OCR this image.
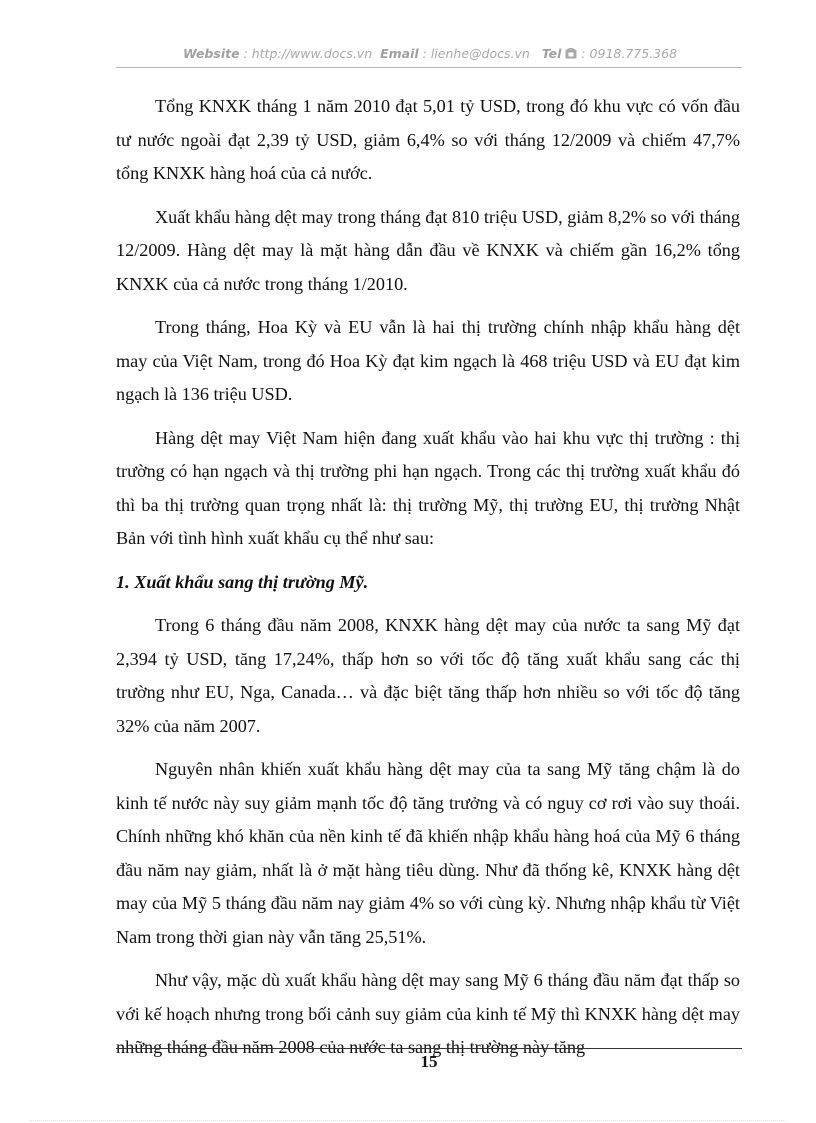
Website : http://www.docs.vn Email : lienhe@docs.vn Tel : 0918.775.368

Tổng KNXK tháng 1 năm 2010 đạt 5,01 tỷ USD, trong đó khu vực có vốn đầu tư nước ngoài đạt 2,39 tỷ USD, giảm 6,4% so với tháng 12/2009 và chiếm 47,7% tổng KNXK hàng hoá của cả nước.

Xuất khẩu hàng dệt may trong tháng đạt 810 triệu USD, giảm 8,2% so với tháng 12/2009. Hàng dệt may là mặt hàng dẫn đầu về KNXK và chiếm gần 16,2% tổng KNXK của cả nước trong tháng 1/2010.

Trong tháng, Hoa Kỳ và EU vẫn là hai thị trường chính nhập khẩu hàng dệt may của Việt Nam, trong đó Hoa Kỳ đạt kim ngạch là 468 triệu USD và EU đạt kim ngạch là 136 triệu USD.

Hàng dệt may Việt Nam hiện đang xuất khẩu vào hai khu vực thị trường : thị trường có hạn ngạch và thị trường phi hạn ngạch. Trong các thị trường xuất khẩu đó thì ba thị trường quan trọng nhất là: thị trường Mỹ, thị trường EU, thị trường Nhật Bản với tình hình xuất khẩu cụ thể như sau:

1. Xuất khẩu sang thị trường Mỹ.

Trong 6 tháng đầu năm 2008, KNXK hàng dệt may của nước ta sang Mỹ đạt 2,394 tỷ USD, tăng 17,24%, thấp hơn so với tốc độ tăng xuất khẩu sang các thị trường như EU, Nga, Canada… và đặc biệt tăng thấp hơn nhiều so với tốc độ tăng 32% của năm 2007.

Nguyên nhân khiến xuất khẩu hàng dệt may của ta sang Mỹ tăng chậm là do kinh tế nước này suy giảm mạnh tốc độ tăng trưởng và có nguy cơ rơi vào suy thoái. Chính những khó khăn của nền kinh tế đã khiến nhập khẩu hàng hoá của Mỹ 6 tháng đầu năm nay giảm, nhất là ở mặt hàng tiêu dùng. Như đã thống kê, KNXK hàng dệt may của Mỹ 5 tháng đầu năm nay giảm 4% so với cùng kỳ. Nhưng nhập khẩu từ Việt Nam trong thời gian này vẫn tăng 25,51%.

Như vậy, mặc dù xuất khẩu hàng dệt may sang Mỹ 6 tháng đầu năm đạt thấp so với kế hoạch nhưng trong bối cảnh suy giảm của kinh tế Mỹ thì KNXK hàng dệt may những tháng đầu năm 2008 của nước ta sang thị trường này tăng

15
